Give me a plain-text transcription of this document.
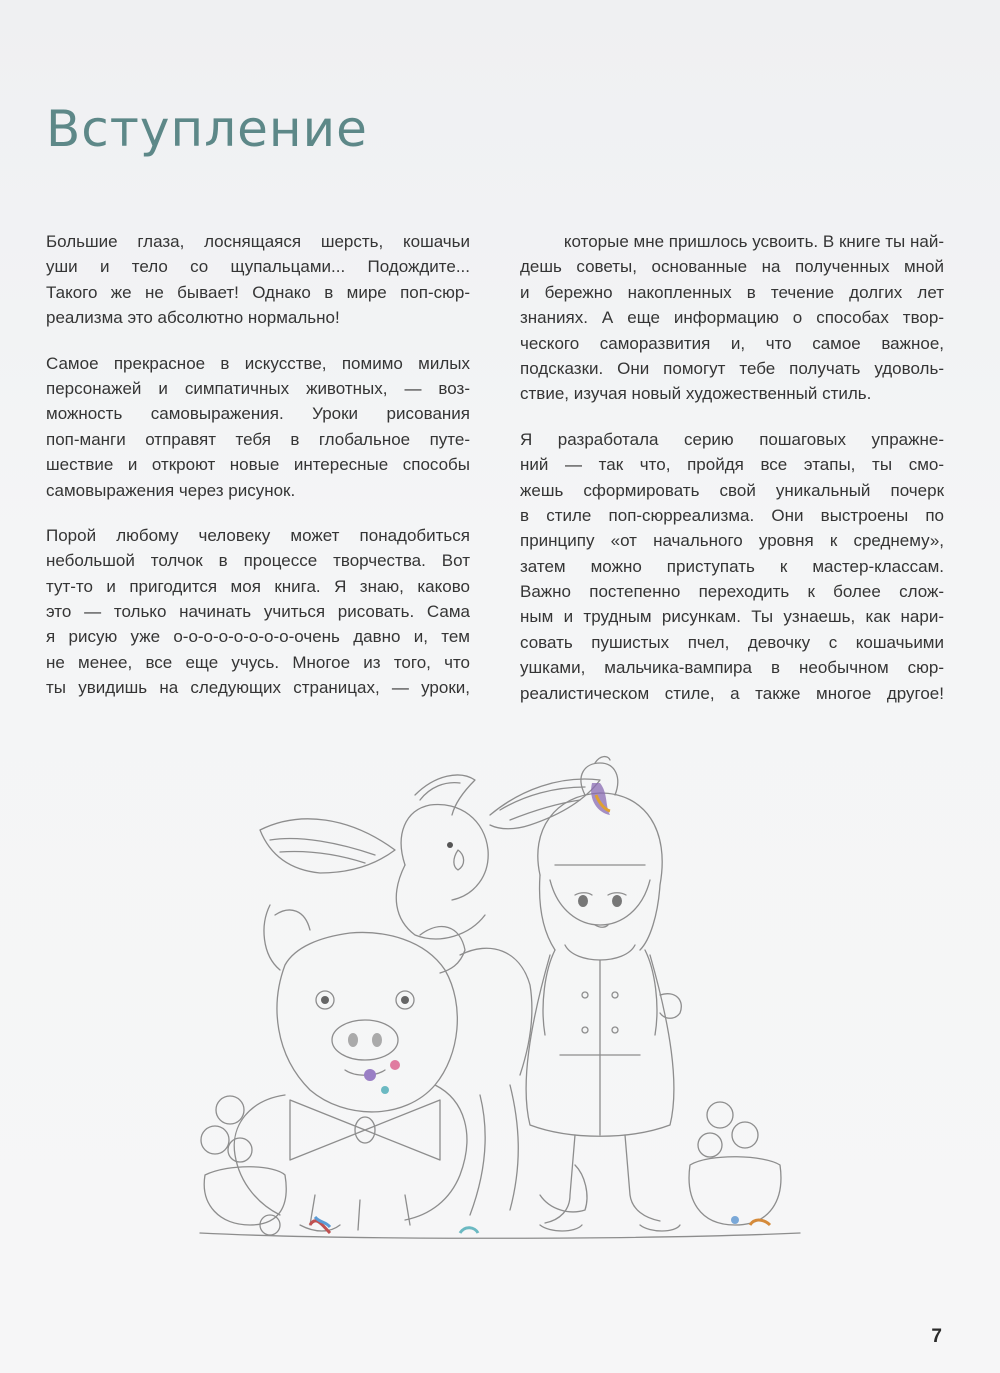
Вступление
Большие глаза, лоснящаяся шерсть, кошачьи
уши и тело со щупальцами... Подождите...
Такого же не бывает! Однако в мире поп-сюр-
реализма это абсолютно нормально!
Самое прекрасное в искусстве, помимо милых
персонажей и симпатичных животных, — воз-
можность самовыражения. Уроки рисования
поп-манги отправят тебя в глобальное путе-
шествие и откроют новые интересные способы
самовыражения через рисунок.
Порой любому человеку может понадобиться
небольшой толчок в процессе творчества. Вот
тут-то и пригодится моя книга. Я знаю, каково
это — только начинать учиться рисовать. Сама
я рисую уже о-о-о-о-о-о-о-о-очень давно и, тем
не менее, все еще учусь. Многое из того, что
ты увидишь на следующих страницах, — уроки,
которые мне пришлось усвоить. В книге ты най-
дешь советы, основанные на полученных мной
и бережно накопленных в течение долгих лет
знаниях. А еще информацию о способах твор-
ческого саморазвития и, что самое важное,
подсказки. Они помогут тебе получать удоволь-
ствие, изучая новый художественный стиль.
Я разработала серию пошаговых упражне-
ний — так что, пройдя все этапы, ты смо-
жешь сформировать свой уникальный почерк
в стиле поп-сюрреализма. Они выстроены по
принципу «от начального уровня к среднему»,
затем можно приступать к мастер-классам.
Важно постепенно переходить к более слож-
ным и трудным рисункам. Ты узнаешь, как нари-
совать пушистых пчел, девочку с кошачьими
ушками, мальчика-вампира в необычном сюр-
реалистическом стиле, а также многое другое!
7
